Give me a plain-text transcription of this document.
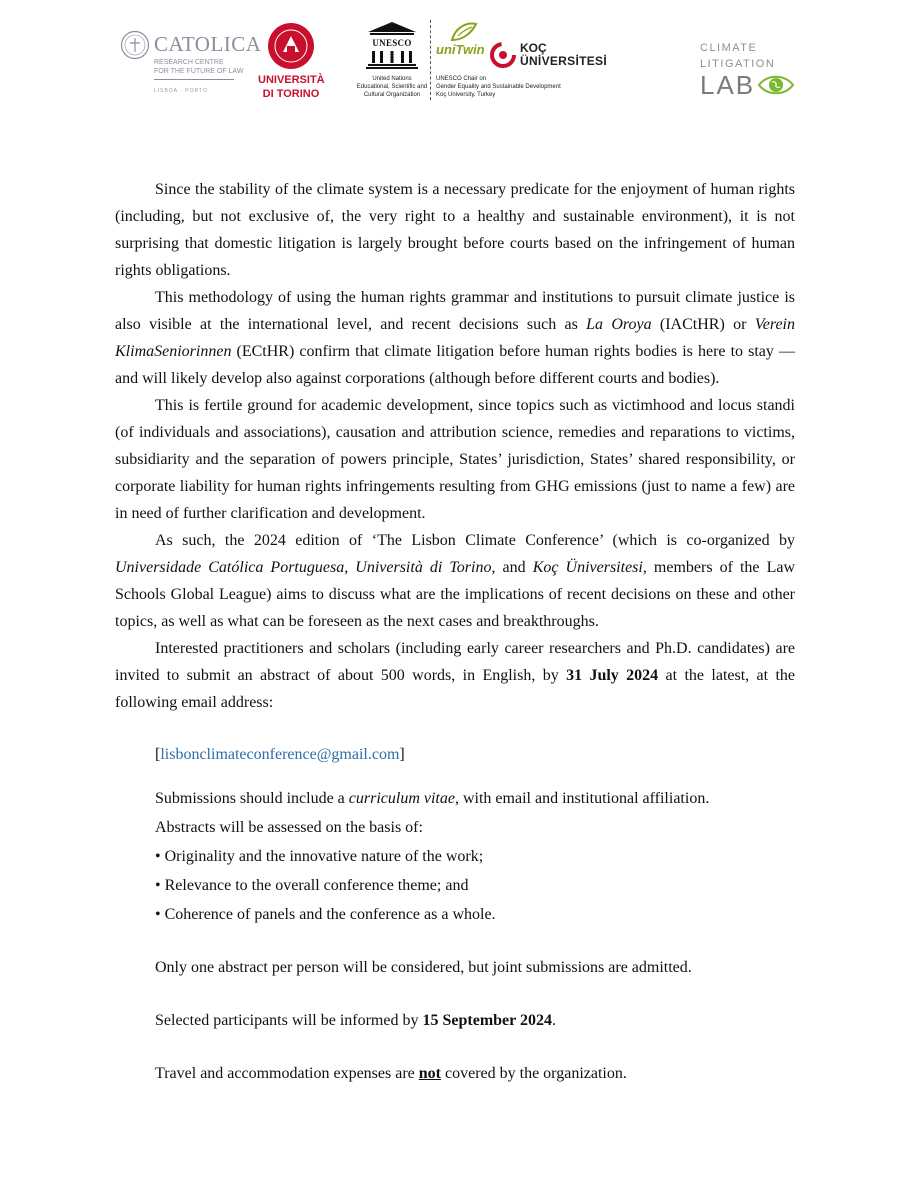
CATOLICA
RESEARCH CENTRE
FOR THE FUTURE OF LAW
LISBOA · PORTO
UNIVERSITÀ
DI TORINO
UNESCO
United Nations
Educational, Scientific and
Cultural Organization
uniTwin
UNESCO Chair on
Gender Equality and Sustainable Development
Koç University, Turkey
KOÇ
ÜNİVERSİTESİ
CLIMATE
LITIGATION
LAB

Since the stability of the climate system is a necessary predicate for the enjoyment of human rights (including, but not exclusive of, the very right to a healthy and sustainable environment), it is not surprising that domestic litigation is largely brought before courts based on the infringement of human rights obligations.

This methodology of using the human rights grammar and institutions to pursuit climate justice is also visible at the international level, and recent decisions such as La Oroya (IACtHR) or Verein KlimaSeniorinnen (ECtHR) confirm that climate litigation before human rights bodies is here to stay — and will likely develop also against corporations (although before different courts and bodies).

This is fertile ground for academic development, since topics such as victimhood and locus standi (of individuals and associations), causation and attribution science, remedies and reparations to victims, subsidiarity and the separation of powers principle, States’ jurisdiction, States’ shared responsibility, or corporate liability for human rights infringements resulting from GHG emissions (just to name a few) are in need of further clarification and development.

As such, the 2024 edition of ‘The Lisbon Climate Conference’ (which is co-organized by Universidade Católica Portuguesa, Università di Torino, and Koç Üniversitesi, members of the Law Schools Global League) aims to discuss what are the implications of recent decisions on these and other topics, as well as what can be foreseen as the next cases and breakthroughs.

Interested practitioners and scholars (including early career researchers and Ph.D. candidates) are invited to submit an abstract of about 500 words, in English, by 31 July 2024 at the latest, at the following email address:

[lisbonclimateconference@gmail.com]
Submissions should include a curriculum vitae, with email and institutional affiliation.
Abstracts will be assessed on the basis of:
• Originality and the innovative nature of the work;
• Relevance to the overall conference theme; and
• Coherence of panels and the conference as a whole.
Only one abstract per person will be considered, but joint submissions are admitted.
Selected participants will be informed by 15 September 2024.
Travel and accommodation expenses are not covered by the organization.
